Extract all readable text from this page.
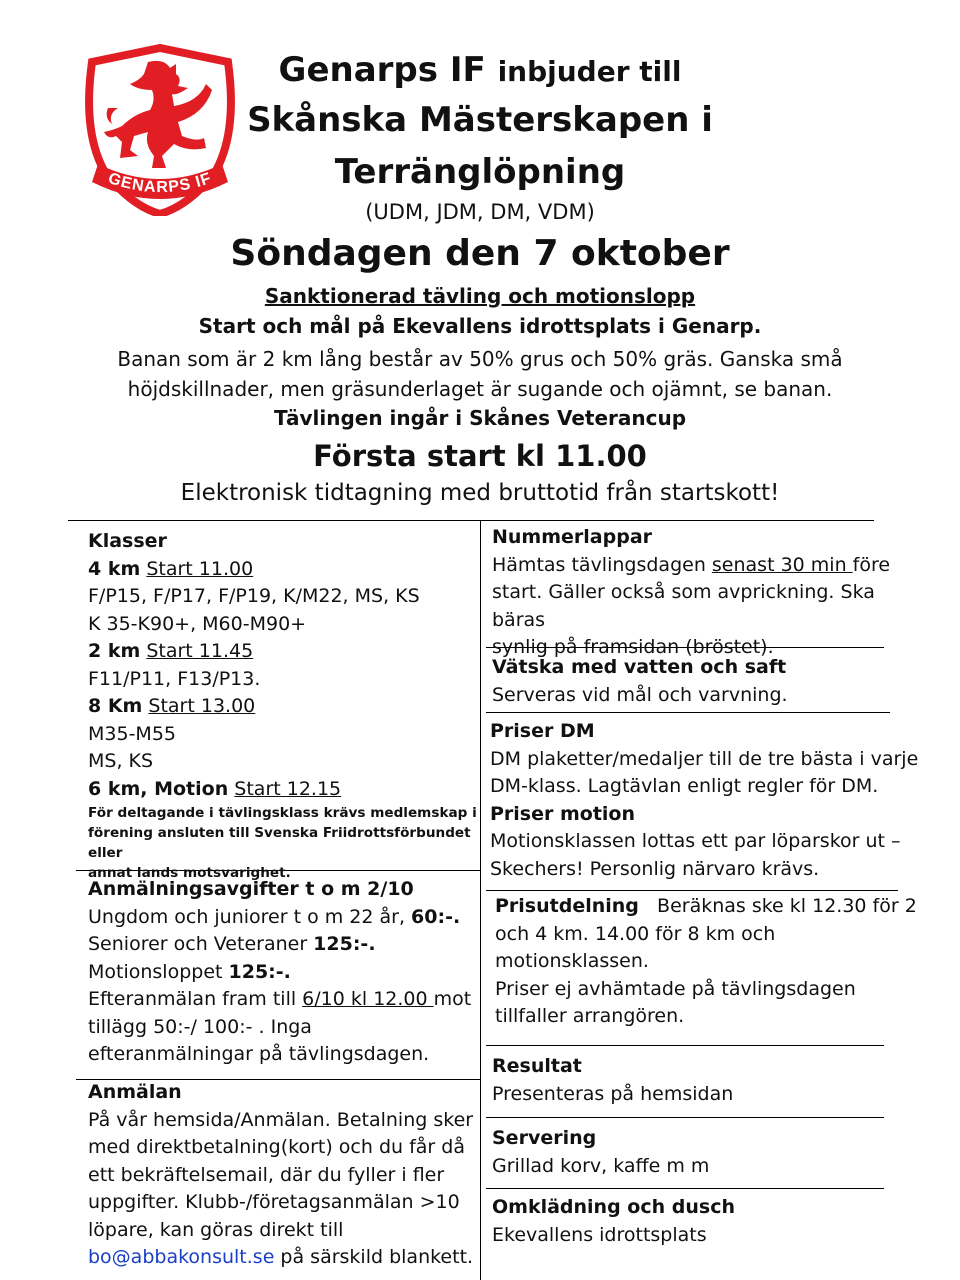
GENARPS IF
Genarps IF inbjuder till
Skånska Mästerskapen i
Terränglöpning
(UDM, JDM, DM, VDM)
Söndagen den 7 oktober
Sanktionerad tävling och motionslopp
Start och mål på Ekevallens idrottsplats i Genarp.
Banan som är 2 km lång består av 50% grus och 50% gräs. Ganska små
höjdskillnader, men gräsunderlaget är sugande och ojämnt, se banan.
Tävlingen ingår i Skånes Veterancup
Första start kl 11.00
Elektronisk tidtagning med bruttotid från startskott!
Klasser
4 km Start 11.00
F/P15, F/P17, F/P19, K/M22, MS, KS
K 35-K90+, M60-M90+
2 km Start 11.45
F11/P11, F13/P13.
8 Km Start 13.00
M35-M55
MS, KS
6 km, Motion Start 12.15
För deltagande i tävlingsklass krävs medlemskap i
förening ansluten till Svenska Friidrottsförbundet eller
annat lands motsvarighet.
Anmälningsavgifter t o m 2/10
Ungdom och juniorer t o m 22 år, 60:-.
Seniorer och Veteraner 125:-.
Motionsloppet 125:-.
Efteranmälan fram till 6/10 kl 12.00 mot
tillägg 50:-/ 100:- . Inga
efteranmälningar på tävlingsdagen.
Anmälan
På vår hemsida/Anmälan. Betalning sker
med direktbetalning(kort) och du får då
ett bekräftelsemail, där du fyller i fler
uppgifter. Klubb-/företagsanmälan >10
löpare, kan göras direkt till
bo@abbakonsult.se på särskild blankett.
Nummerlappar
Hämtas tävlingsdagen senast 30 min före
start. Gäller också som avprickning. Ska bäras
synlig på framsidan (bröstet).
Vätska med vatten och saft
Serveras vid mål och varvning.
Priser DM
DM plaketter/medaljer till de tre bästa i varje
DM-klass. Lagtävlan enligt regler för DM.
Priser motion
Motionsklassen lottas ett par löparskor ut –
Skechers! Personlig närvaro krävs.
Prisutdelning Beräknas ske kl 12.30 för 2
och 4 km. 14.00 för 8 km och
motionsklassen.
Priser ej avhämtade på tävlingsdagen
tillfaller arrangören.
Resultat
Presenteras på hemsidan
Servering
Grillad korv, kaffe m m
Omklädning och dusch
Ekevallens idrottsplats
